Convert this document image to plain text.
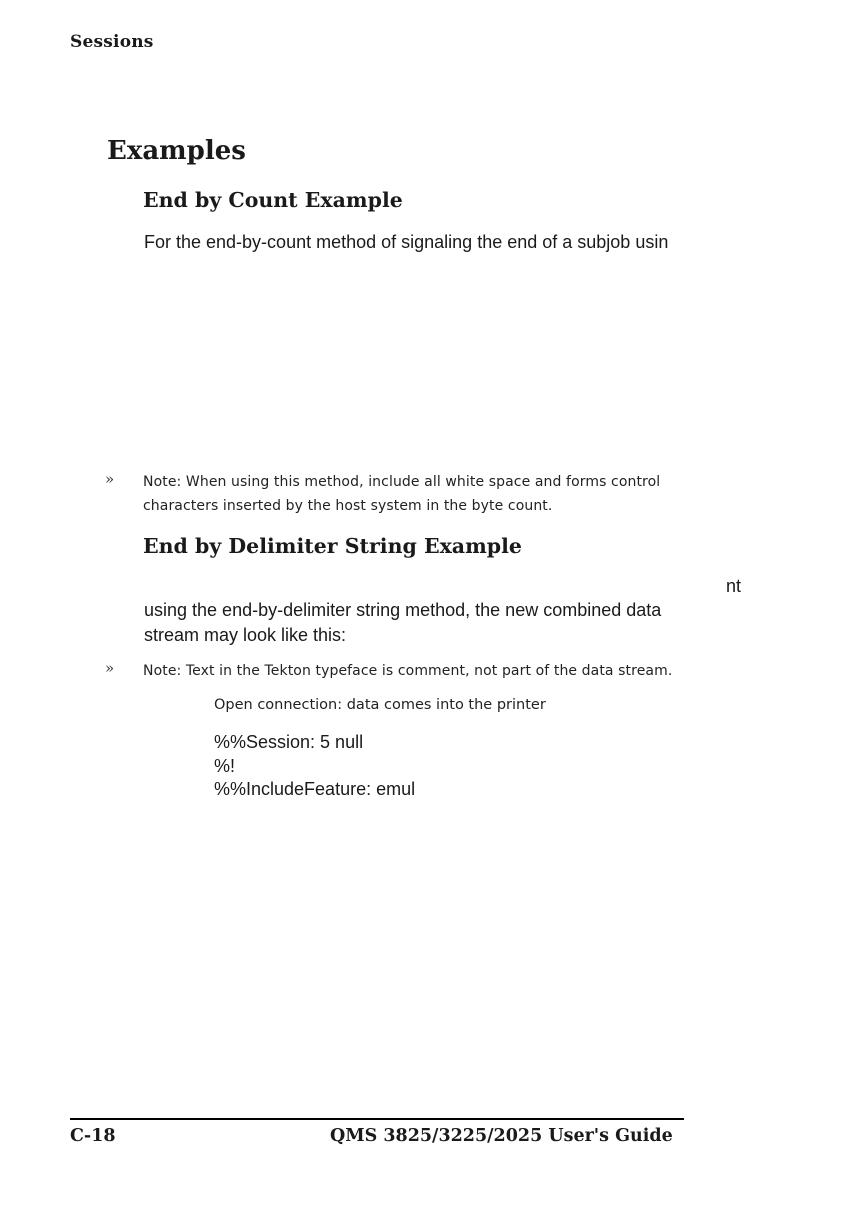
Sessions
Examples
End by Count Example
For the end-by-count method of signaling the end of a subjob usin
» Note: When using this method, include all white space and forms control
characters inserted by the host system in the byte count.
End by Delimiter String Example
nt
using the end-by-delimiter string method, the new combined data
stream may look like this:
» Note: Text in the Tekton typeface is comment, not part of the data stream.
Open connection: data comes into the printer
%%Session: 5 null
%!
%%IncludeFeature: emul
C-18	QMS 3825/3225/2025 User's Guide
